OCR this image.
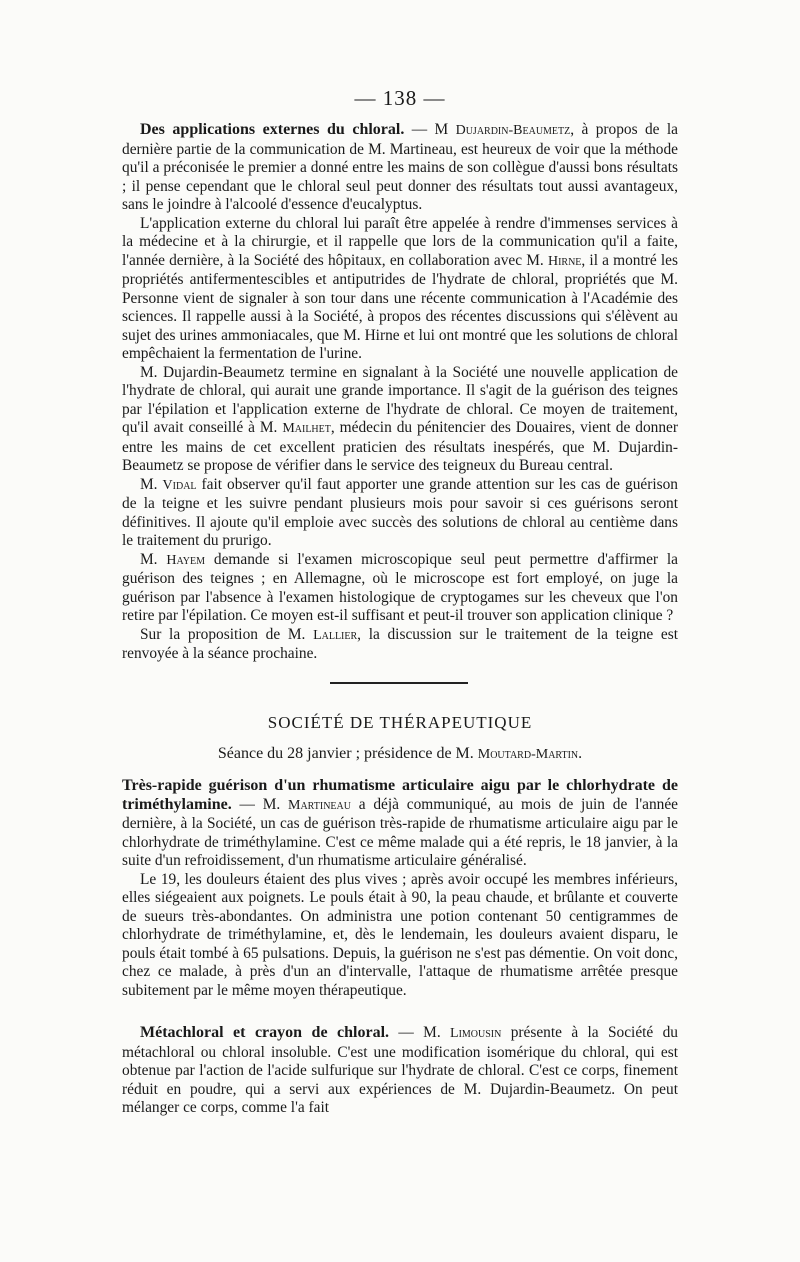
— 138 —

Des applications externes du chloral. — M Dujardin-Beaumetz, à propos de la dernière partie de la communication de M. Martineau, est heureux de voir que la méthode qu'il a préconisée le premier a donné entre les mains de son collègue d'aussi bons résultats ; il pense cependant que le chloral seul peut donner des résultats tout aussi avantageux, sans le joindre à l'alcoolé d'essence d'eucalyptus.

L'application externe du chloral lui paraît être appelée à rendre d'immenses services à la médecine et à la chirurgie, et il rappelle que lors de la communication qu'il a faite, l'année dernière, à la Société des hôpitaux, en collaboration avec M. Hirne, il a montré les propriétés antifermentescibles et antiputrides de l'hydrate de chloral, propriétés que M. Personne vient de signaler à son tour dans une récente communication à l'Académie des sciences. Il rappelle aussi à la Société, à propos des récentes discussions qui s'élèvent au sujet des urines ammoniacales, que M. Hirne et lui ont montré que les solutions de chloral empêchaient la fermentation de l'urine.

M. Dujardin-Beaumetz termine en signalant à la Société une nouvelle application de l'hydrate de chloral, qui aurait une grande importance. Il s'agit de la guérison des teignes par l'épilation et l'application externe de l'hydrate de chloral. Ce moyen de traitement, qu'il avait conseillé à M. Mailhet, médecin du pénitencier des Douaires, vient de donner entre les mains de cet excellent praticien des résultats inespérés, que M. Dujardin-Beaumetz se propose de vérifier dans le service des teigneux du Bureau central.

M. Vidal fait observer qu'il faut apporter une grande attention sur les cas de guérison de la teigne et les suivre pendant plusieurs mois pour savoir si ces guérisons seront définitives. Il ajoute qu'il emploie avec succès des solutions de chloral au centième dans le traitement du prurigo.

M. Hayem demande si l'examen microscopique seul peut permettre d'affirmer la guérison des teignes ; en Allemagne, où le microscope est fort employé, on juge la guérison par l'absence à l'examen histologique de cryptogames sur les cheveux que l'on retire par l'épilation. Ce moyen est-il suffisant et peut-il trouver son application clinique ?

Sur la proposition de M. Lallier, la discussion sur le traitement de la teigne est renvoyée à la séance prochaine.

SOCIÉTÉ DE THÉRAPEUTIQUE
Séance du 28 janvier ; présidence de M. Moutard-Martin.

Très-rapide guérison d'un rhumatisme articulaire aigu par le chlorhydrate de triméthylamine. — M. Martineau a déjà communiqué, au mois de juin de l'année dernière, à la Société, un cas de guérison très-rapide de rhumatisme articulaire aigu par le chlorhydrate de triméthylamine. C'est ce même malade qui a été repris, le 18 janvier, à la suite d'un refroidissement, d'un rhumatisme articulaire généralisé.

Le 19, les douleurs étaient des plus vives ; après avoir occupé les membres inférieurs, elles siégeaient aux poignets. Le pouls était à 90, la peau chaude, et brûlante et couverte de sueurs très-abondantes. On administra une potion contenant 50 centigrammes de chlorhydrate de triméthylamine, et, dès le lendemain, les douleurs avaient disparu, le pouls était tombé à 65 pulsations. Depuis, la guérison ne s'est pas démentie. On voit donc, chez ce malade, à près d'un an d'intervalle, l'attaque de rhumatisme arrêtée presque subitement par le même moyen thérapeutique.

Métachloral et crayon de chloral. — M. Limousin présente à la Société du métachloral ou chloral insoluble. C'est une modification isomérique du chloral, qui est obtenue par l'action de l'acide sulfurique sur l'hydrate de chloral. C'est ce corps, finement réduit en poudre, qui a servi aux expériences de M. Dujardin-Beaumetz. On peut mélanger ce corps, comme l'a fait
